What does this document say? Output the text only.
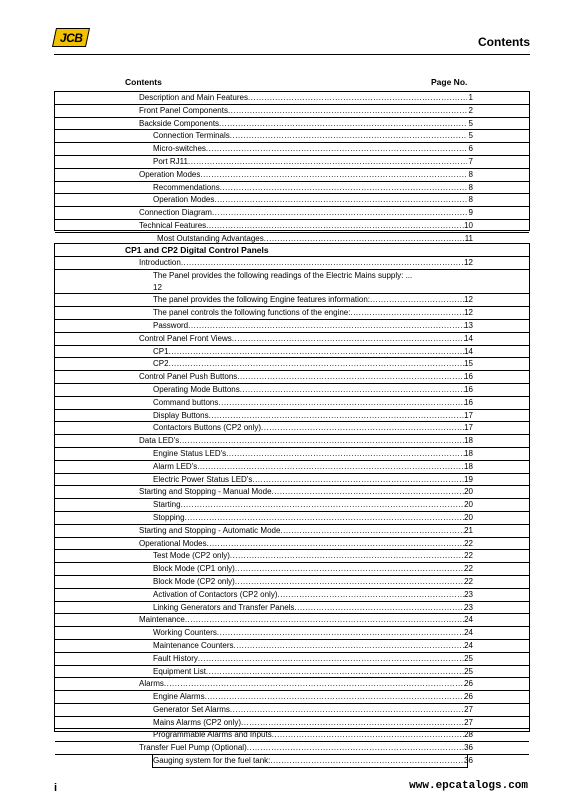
JCB	Contents
Contents	Page No.
Description and Main Features .....	1
Front Panel Components .....	2
Backside Components .....	5
Connection Terminals .....	5
Micro-switches .....	6
Port RJ11 .....	7
Operation Modes .....	8
Recommendations .....	8
Operation Modes .....	8
Connection Diagram .....	9
Technical Features .....	10
Most Outstanding Advantages .....	11
CP1 and CP2 Digital Control Panels
Introduction .....	12
The Panel provides the following readings of the Electric Mains supply: ...
12
The panel provides the following Engine features information: .....	12
The panel controls the following functions of the engine: .....	12
Password .....	13
Control Panel Front Views .....	14
CP1 .....	14
CP2 .....	15
Control Panel Push Buttons .....	16
Operating Mode Buttons .....	16
Command buttons .....	16
Display Buttons .....	17
Contactors Buttons (CP2 only) .....	17
Data LED's .....	18
Engine Status LED's .....	18
Alarm LED's .....	18
Electric Power Status LED's .....	19
Starting and Stopping - Manual Mode .....	20
Starting .....	20
Stopping .....	20
Starting and Stopping - Automatic Mode .....	21
Operational Modes .....	22
Test Mode (CP2 only) .....	22
Block Mode (CP1 only) .....	22
Block Mode (CP2 only) .....	22
Activation of Contactors (CP2 only) .....	23
Linking Generators and Transfer Panels .....	23
Maintenance .....	24
Working Counters .....	24
Maintenance Counters .....	24
Fault History .....	25
Equipment List .....	25
Alarms .....	26
Engine Alarms .....	26
Generator Set Alarms .....	27
Mains Alarms (CP2 only) .....	27
Programmable Alarms and Inputs .....	28
Transfer Fuel Pump (Optional) .....	36
Gauging system for the fuel tank: .....	36
i	www.epcatalogs.com
